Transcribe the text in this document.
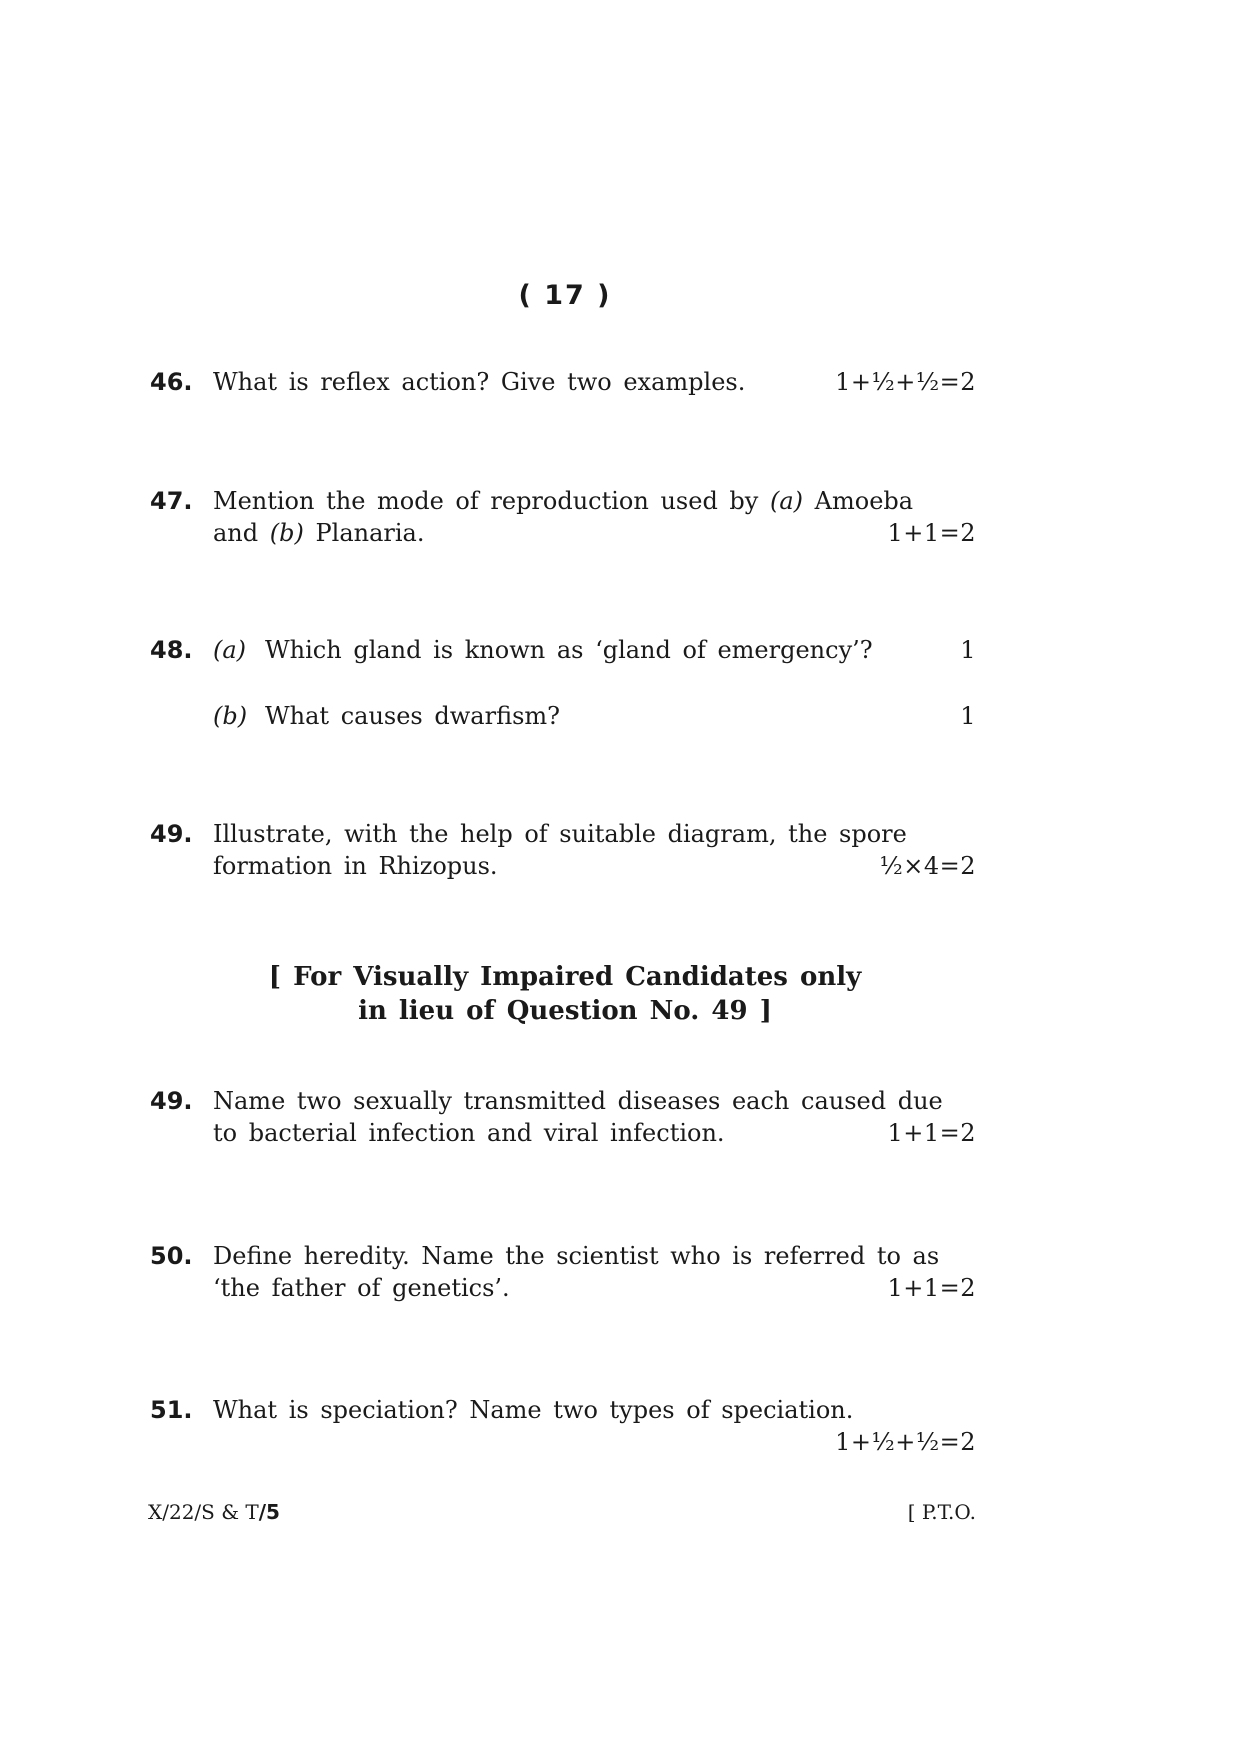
( 17 )
46. What is reflex action? Give two examples.	1+½+½=2
47. Mention the mode of reproduction used by (a) Amoeba
and (b) Planaria.	1+1=2
48. (a) Which gland is known as ‘gland of emergency’?	1
(b) What causes dwarfism?	1
49. Illustrate, with the help of suitable diagram, the spore
formation in Rhizopus.	½×4=2
[ For Visually Impaired Candidates only
in lieu of Question No. 49 ]
49. Name two sexually transmitted diseases each caused due
to bacterial infection and viral infection.	1+1=2
50. Define heredity. Name the scientist who is referred to as
‘the father of genetics’.	1+1=2
51. What is speciation? Name two types of speciation.
1+½+½=2
X/22/S & T/5	[ P.T.O.
